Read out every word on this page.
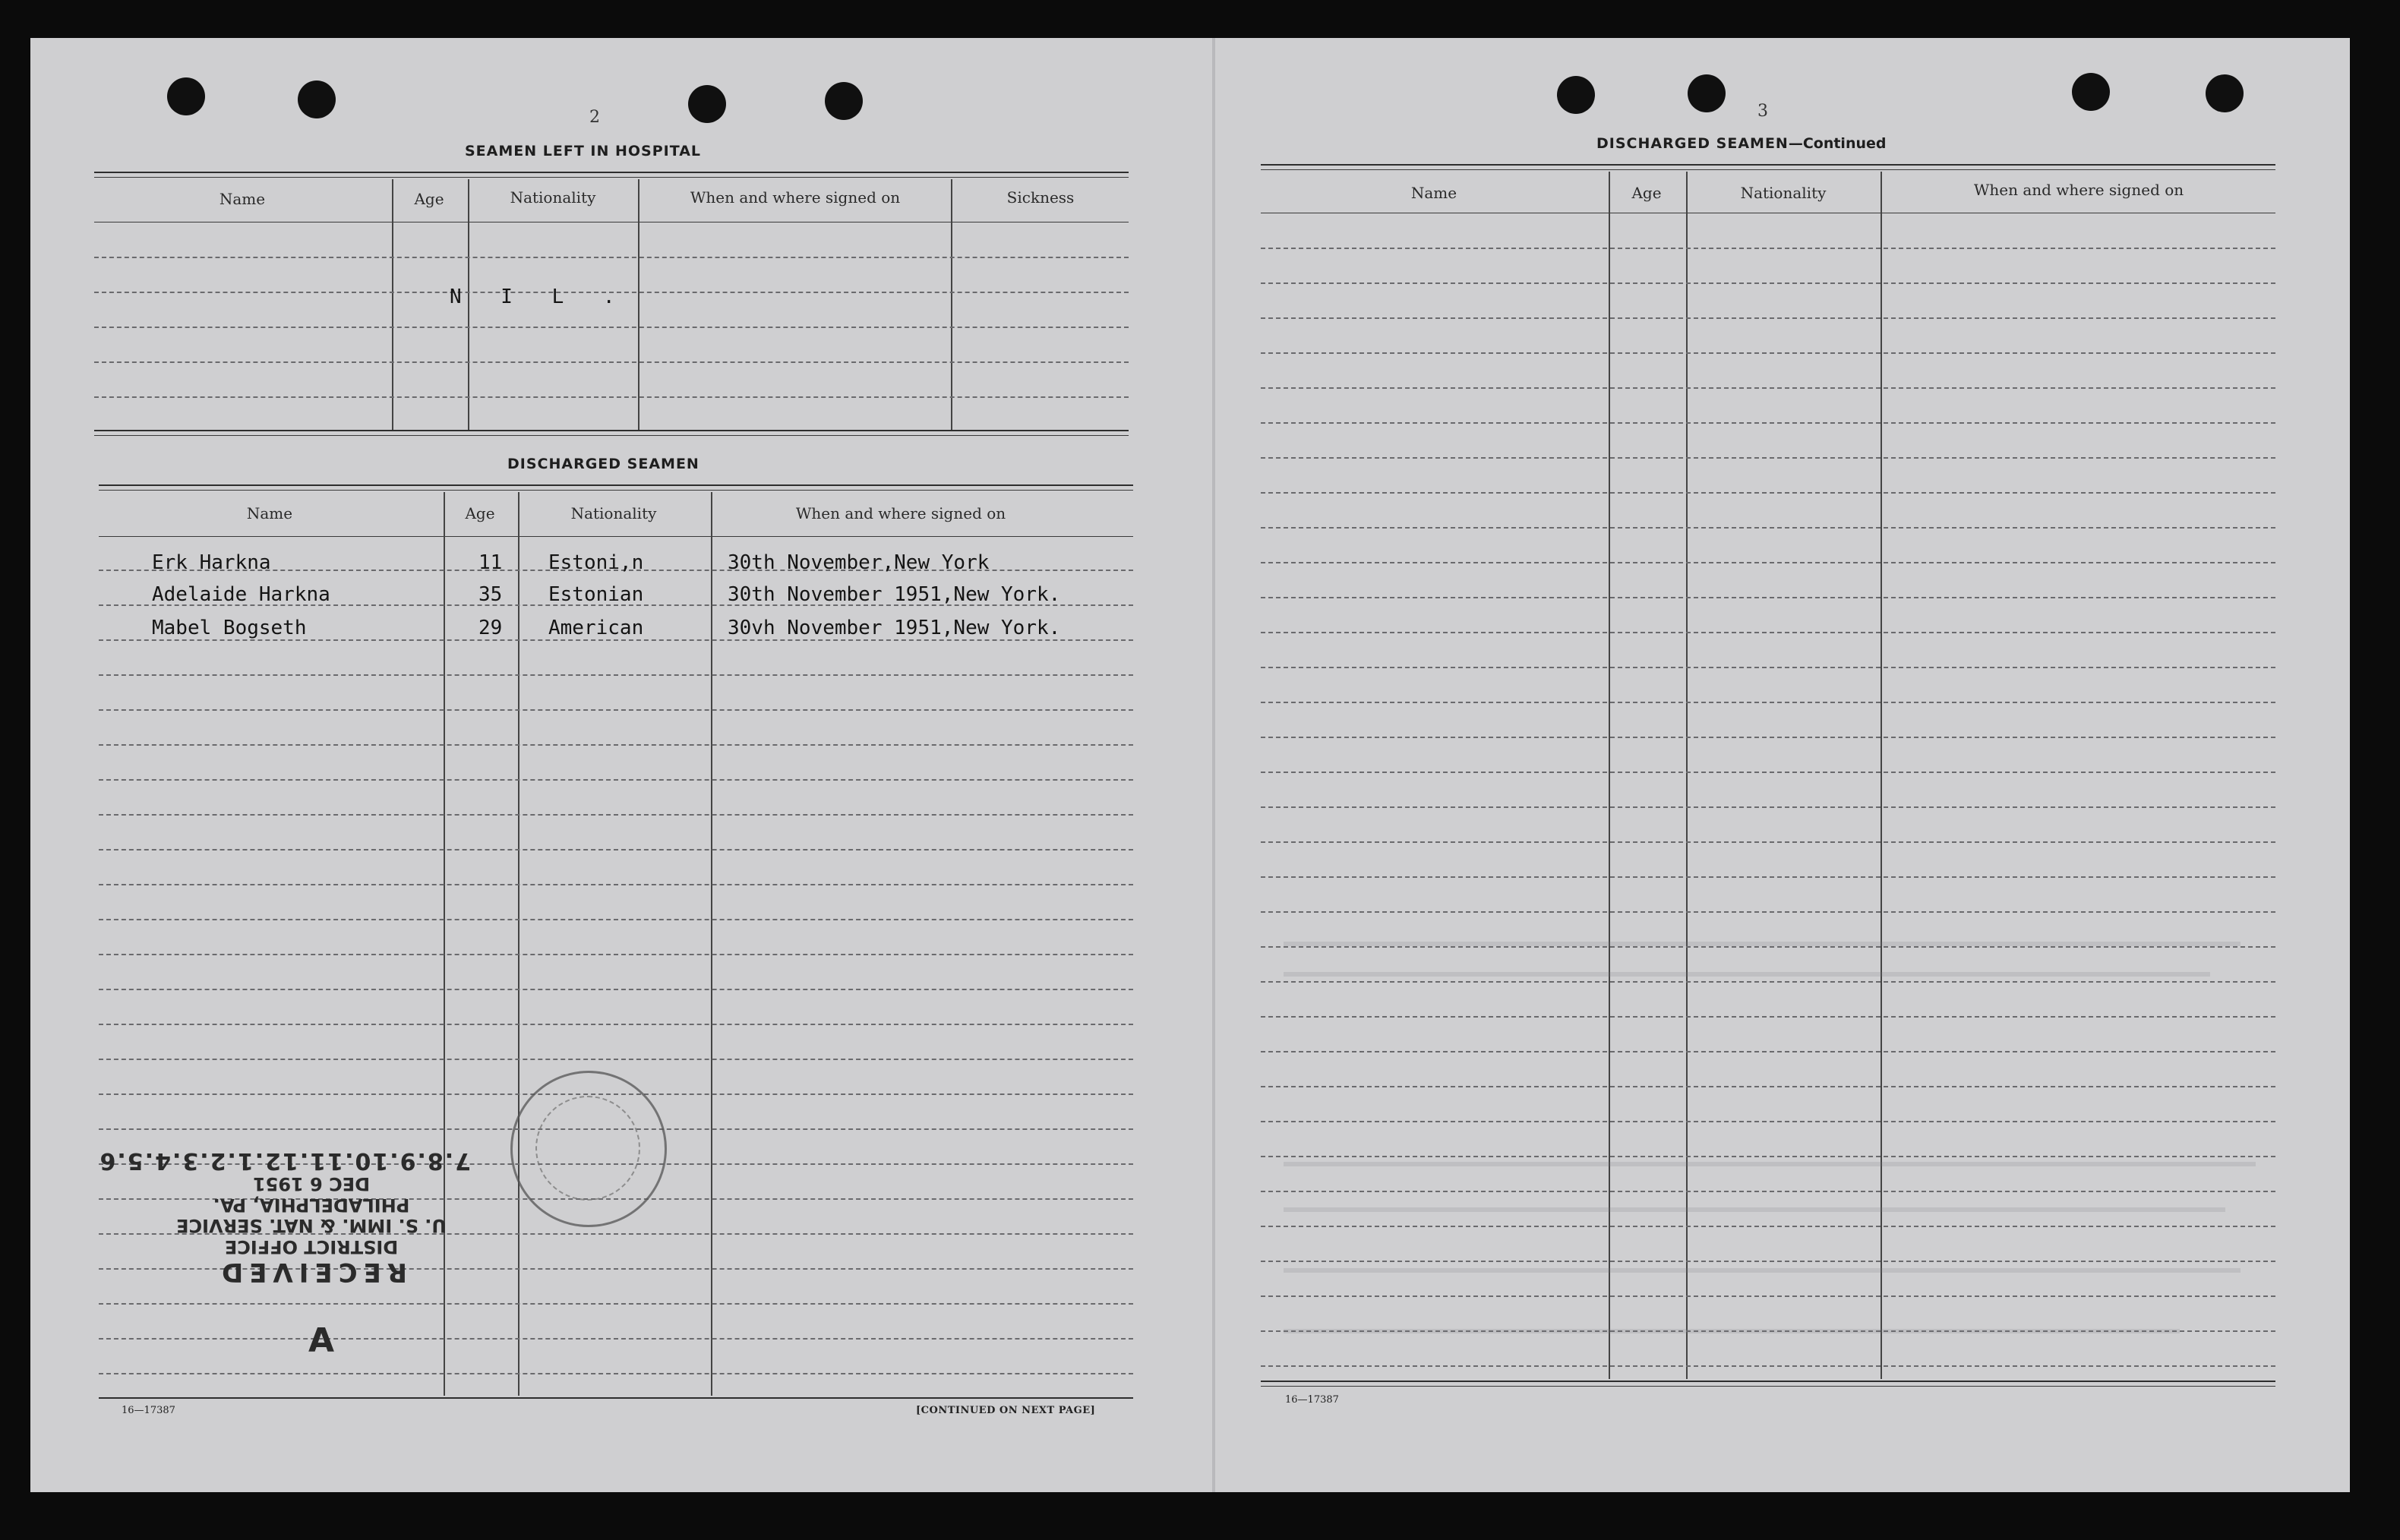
2
SEAMEN LEFT IN HOSPITAL
Name	Age	Nationality	When and where signed on	Sickness
N I L .
DISCHARGED SEAMEN
Name	Age	Nationality	When and where signed on
Erk Harkna	11 Estoni,n	30th November,New York
Adelaide Harkna	35 Estonian	30th November 1951,New York.
Mabel Bogseth	29 American	30vh November 1951,New York.
RECEIVED
DISTRICT OFFICE
U. S. IMM. & NAT. SERVICE
PHILADELPHIA, PA.
DEC 6 1951
7.8.9.10.11.12.1.2.3.4.5.6
A
16—17387	[CONTINUED ON NEXT PAGE]
3
DISCHARGED SEAMEN—Continued
Name	Age	Nationality	When and where signed on
16—17387
